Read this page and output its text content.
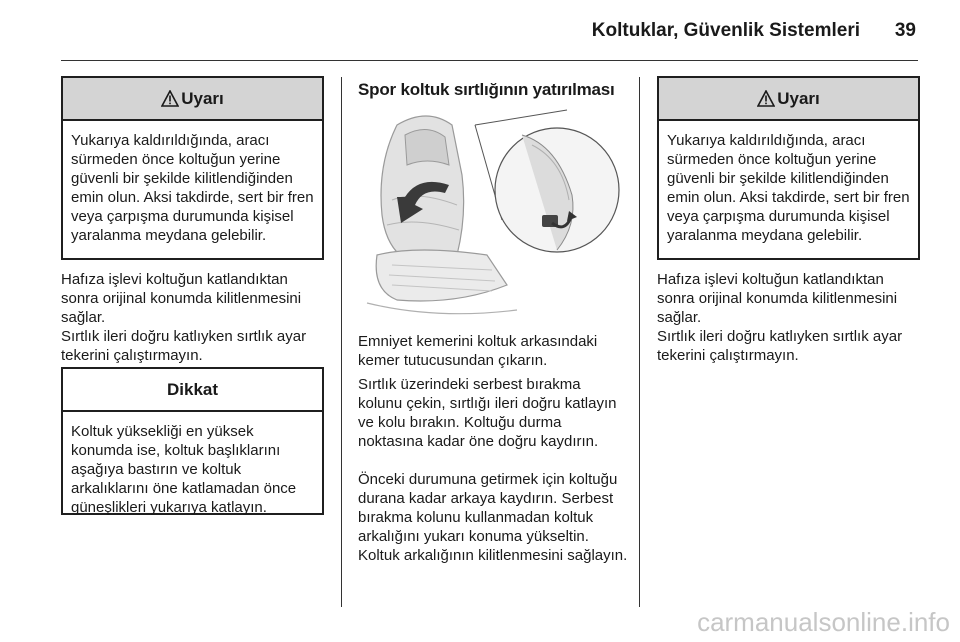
Koltuklar, Güvenlik Sistemleri 39
Uyarı
Yukarıya kaldırıldığında, aracı sürmeden önce koltuğun yerine güvenli bir şekilde kilitlendiğinden emin olun. Aksi takdirde, sert bir fren veya çarpışma durumunda kişisel yaralanma meydana gelebilir.
Hafıza işlevi koltuğun katlandıktan sonra orijinal konumda kilitlenmesini sağlar.
Sırtlık ileri doğru katlıyken sırtlık ayar tekerini çalıştırmayın.
Dikkat
Koltuk yüksekliği en yüksek konumda ise, koltuk başlıklarını aşağıya bastırın ve koltuk arkalıklarını öne katlamadan önce güneşlikleri yukarıya katlayın.
Spor koltuk sırtlığının yatırılması
Emniyet kemerini koltuk arkasındaki kemer tutucusundan çıkarın.
Sırtlık üzerindeki serbest bırakma kolunu çekin, sırtlığı ileri doğru katlayın ve kolu bırakın. Koltuğu durma noktasına kadar öne doğru kaydırın.
Önceki durumuna getirmek için koltuğu durana kadar arkaya kaydırın. Serbest bırakma kolunu kullanmadan koltuk arkalığını yukarı konuma yükseltin. Koltuk arkalığının kilitlenmesini sağlayın.
Uyarı
Yukarıya kaldırıldığında, aracı sürmeden önce koltuğun yerine güvenli bir şekilde kilitlendiğinden emin olun. Aksi takdirde, sert bir fren veya çarpışma durumunda kişisel yaralanma meydana gelebilir.
Hafıza işlevi koltuğun katlandıktan sonra orijinal konumda kilitlenmesini sağlar.
Sırtlık ileri doğru katlıyken sırtlık ayar tekerini çalıştırmayın.
carmanualsonline.info
